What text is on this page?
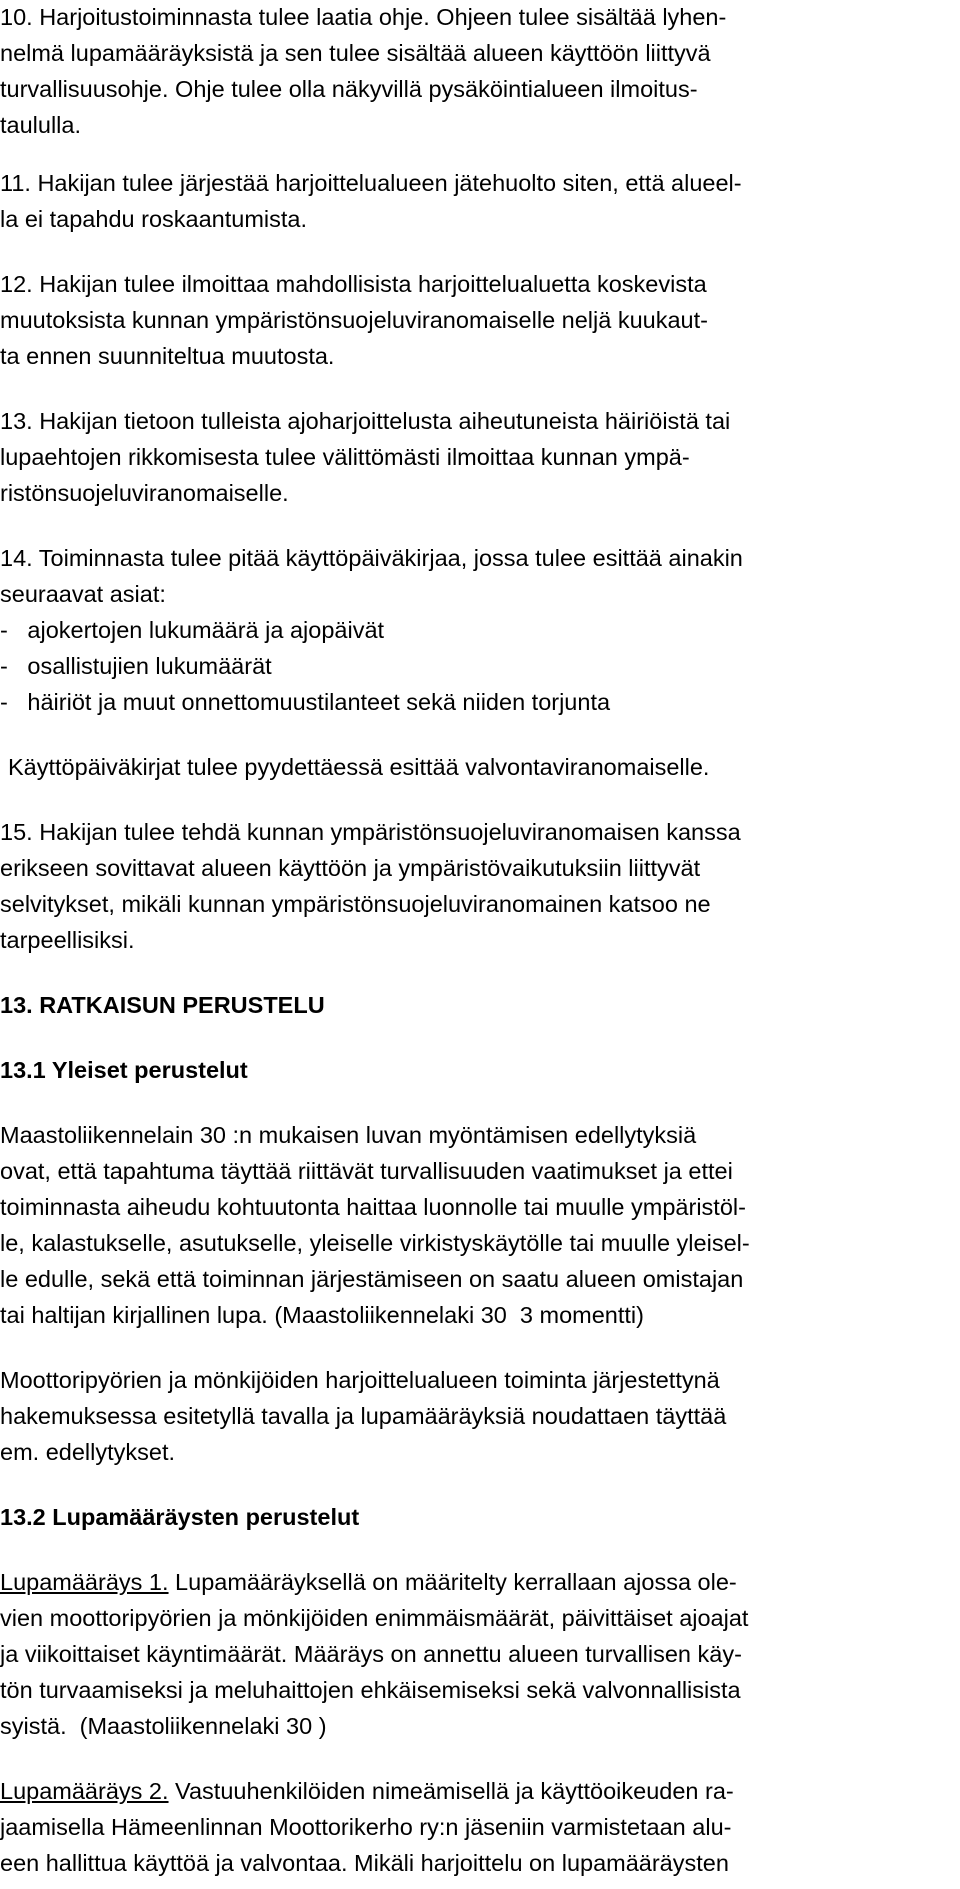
10. Harjoitustoiminnasta tulee laatia ohje. Ohjeen tulee sisältää lyhen-
nelmä lupamääräyksistä ja sen tulee sisältää alueen käyttöön liittyvä
turvallisuusohje. Ohje tulee olla näkyvillä pysäköintialueen ilmoitus-
taululla.
11. Hakijan tulee järjestää harjoittelualueen jätehuolto siten, että alueel-
la ei tapahdu roskaantumista.
12. Hakijan tulee ilmoittaa mahdollisista harjoittelualuetta koskevista
muutoksista kunnan ympäristönsuojeluviranomaiselle neljä kuukaut-
ta ennen suunniteltua muutosta.
13. Hakijan tietoon tulleista ajoharjoittelusta aiheutuneista häiriöistä tai
lupaehtojen rikkomisesta tulee välittömästi ilmoittaa kunnan ympä-
ristönsuojeluviranomaiselle.
14. Toiminnasta tulee pitää käyttöpäiväkirjaa, jossa tulee esittää ainakin
seuraavat asiat:
-   ajokertojen lukumäärä ja ajopäivät
-   osallistujien lukumäärät
-   häiriöt ja muut onnettomuustilanteet sekä niiden torjunta
Käyttöpäiväkirjat tulee pyydettäessä esittää valvontaviranomaiselle.
15. Hakijan tulee tehdä kunnan ympäristönsuojeluviranomaisen kanssa
erikseen sovittavat alueen käyttöön ja ympäristövaikutuksiin liittyvät
selvitykset, mikäli kunnan ympäristönsuojeluviranomainen katsoo ne
tarpeellisiksi.
13. RATKAISUN PERUSTELU
13.1 Yleiset perustelut
Maastoliikennelain 30 :n mukaisen luvan myöntämisen edellytyksiä
ovat, että tapahtuma täyttää riittävät turvallisuuden vaatimukset ja ettei
toiminnasta aiheudu kohtuutonta haittaa luonnolle tai muulle ympäristöl-
le, kalastukselle, asutukselle, yleiselle virkistyskäytölle tai muulle yleisel-
le edulle, sekä että toiminnan järjestämiseen on saatu alueen omistajan
tai haltijan kirjallinen lupa. (Maastoliikennelaki 30  3 momentti)
Moottoripyörien ja mönkijöiden harjoittelualueen toiminta järjestettynä
hakemuksessa esitetyllä tavalla ja lupamääräyksiä noudattaen täyttää
em. edellytykset.
13.2 Lupamääräysten perustelut
Lupamääräys 1. Lupamääräyksellä on määritelty kerrallaan ajossa ole-
vien moottoripyörien ja mönkijöiden enimmäismäärät, päivittäiset ajoajat
ja viikoittaiset käyntimäärät. Määräys on annettu alueen turvallisen käy-
tön turvaamiseksi ja meluhaittojen ehkäisemiseksi sekä valvonnallisista
syistä.  (Maastoliikennelaki 30 )
Lupamääräys 2. Vastuuhenkilöiden nimeämisellä ja käyttöoikeuden ra-
jaamisella Hämeenlinnan Moottorikerho ry:n jäseniin varmistetaan alu-
een hallittua käyttöä ja valvontaa. Mikäli harjoittelu on lupamääräysten
